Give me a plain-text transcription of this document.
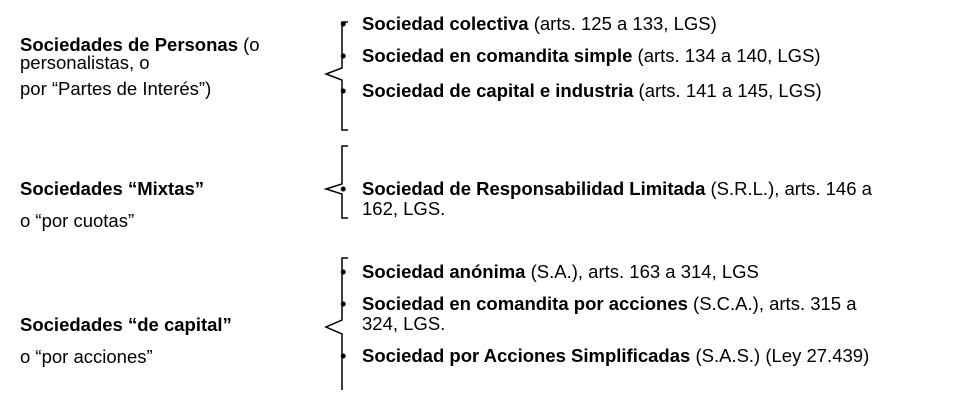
Sociedades de Personas (o
personalistas, o
por “Partes de Interés”)
Sociedades “Mixtas”
o “por cuotas”
Sociedades “de capital”
o “por acciones”
• Sociedad colectiva (arts. 125 a 133, LGS)
• Sociedad en comandita simple (arts. 134 a 140, LGS)
• Sociedad de capital e industria (arts. 141 a 145, LGS)
• Sociedad de Responsabilidad Limitada (S.R.L.), arts. 146 a
162, LGS.
• Sociedad anónima (S.A.), arts. 163 a 314, LGS
• Sociedad en comandita por acciones (S.C.A.), arts. 315 a
324, LGS.
• Sociedad por Acciones Simplificadas (S.A.S.) (Ley 27.439)
